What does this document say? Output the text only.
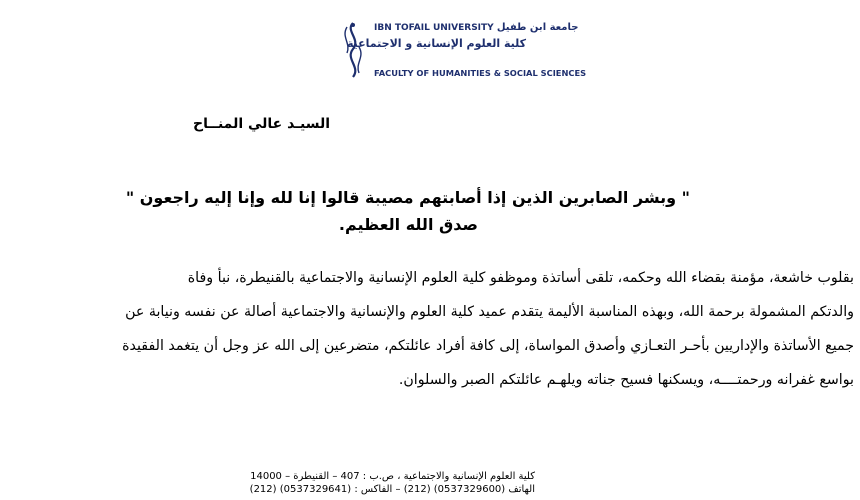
IBN TOFAIL UNIVERSITY جامعة ابن طفيل
كلية العلوم الإنسانية و الاجتماعية
FACULTY OF HUMANITIES & SOCIAL SCIENCES
السيـد عالي المنــاح
" وبشر الصابرين الذين إذا أصابتهم مصيبة قالوا إنا لله وإنا إليه راجعون "
صدق الله العظيم.

بقلوب خاشعة، مؤمنة بقضاء الله وحكمه، تلقى أساتذة وموظفو كلية العلوم الإنسانية والاجتماعية بالقنيطرة، نبأ وفاة

والدتكم المشمولة برحمة الله، وبهذه المناسبة الأليمة يتقدم عميد كلية العلوم والإنسانية والاجتماعية أصالة عن نفسه ونيابة عن

جميع الأساتذة والإداريين بأحـر التعـازي وأصدق المواساة، إلى كافة أفراد عائلتكم، متضرعين إلى الله عز وجل أن يتغمد الفقيدة

بواسع غفرانه ورحمتــــه، ويسكنها فسيح جناته ويلهـم عائلتكم الصبر والسلوان.

كلية العلوم الإنسانية والاجتماعية ، ص.ب : 407 – القنيطرة – 14000

الهاتف (0537329600) (212) – الفاكس : (0537329641) (212)
